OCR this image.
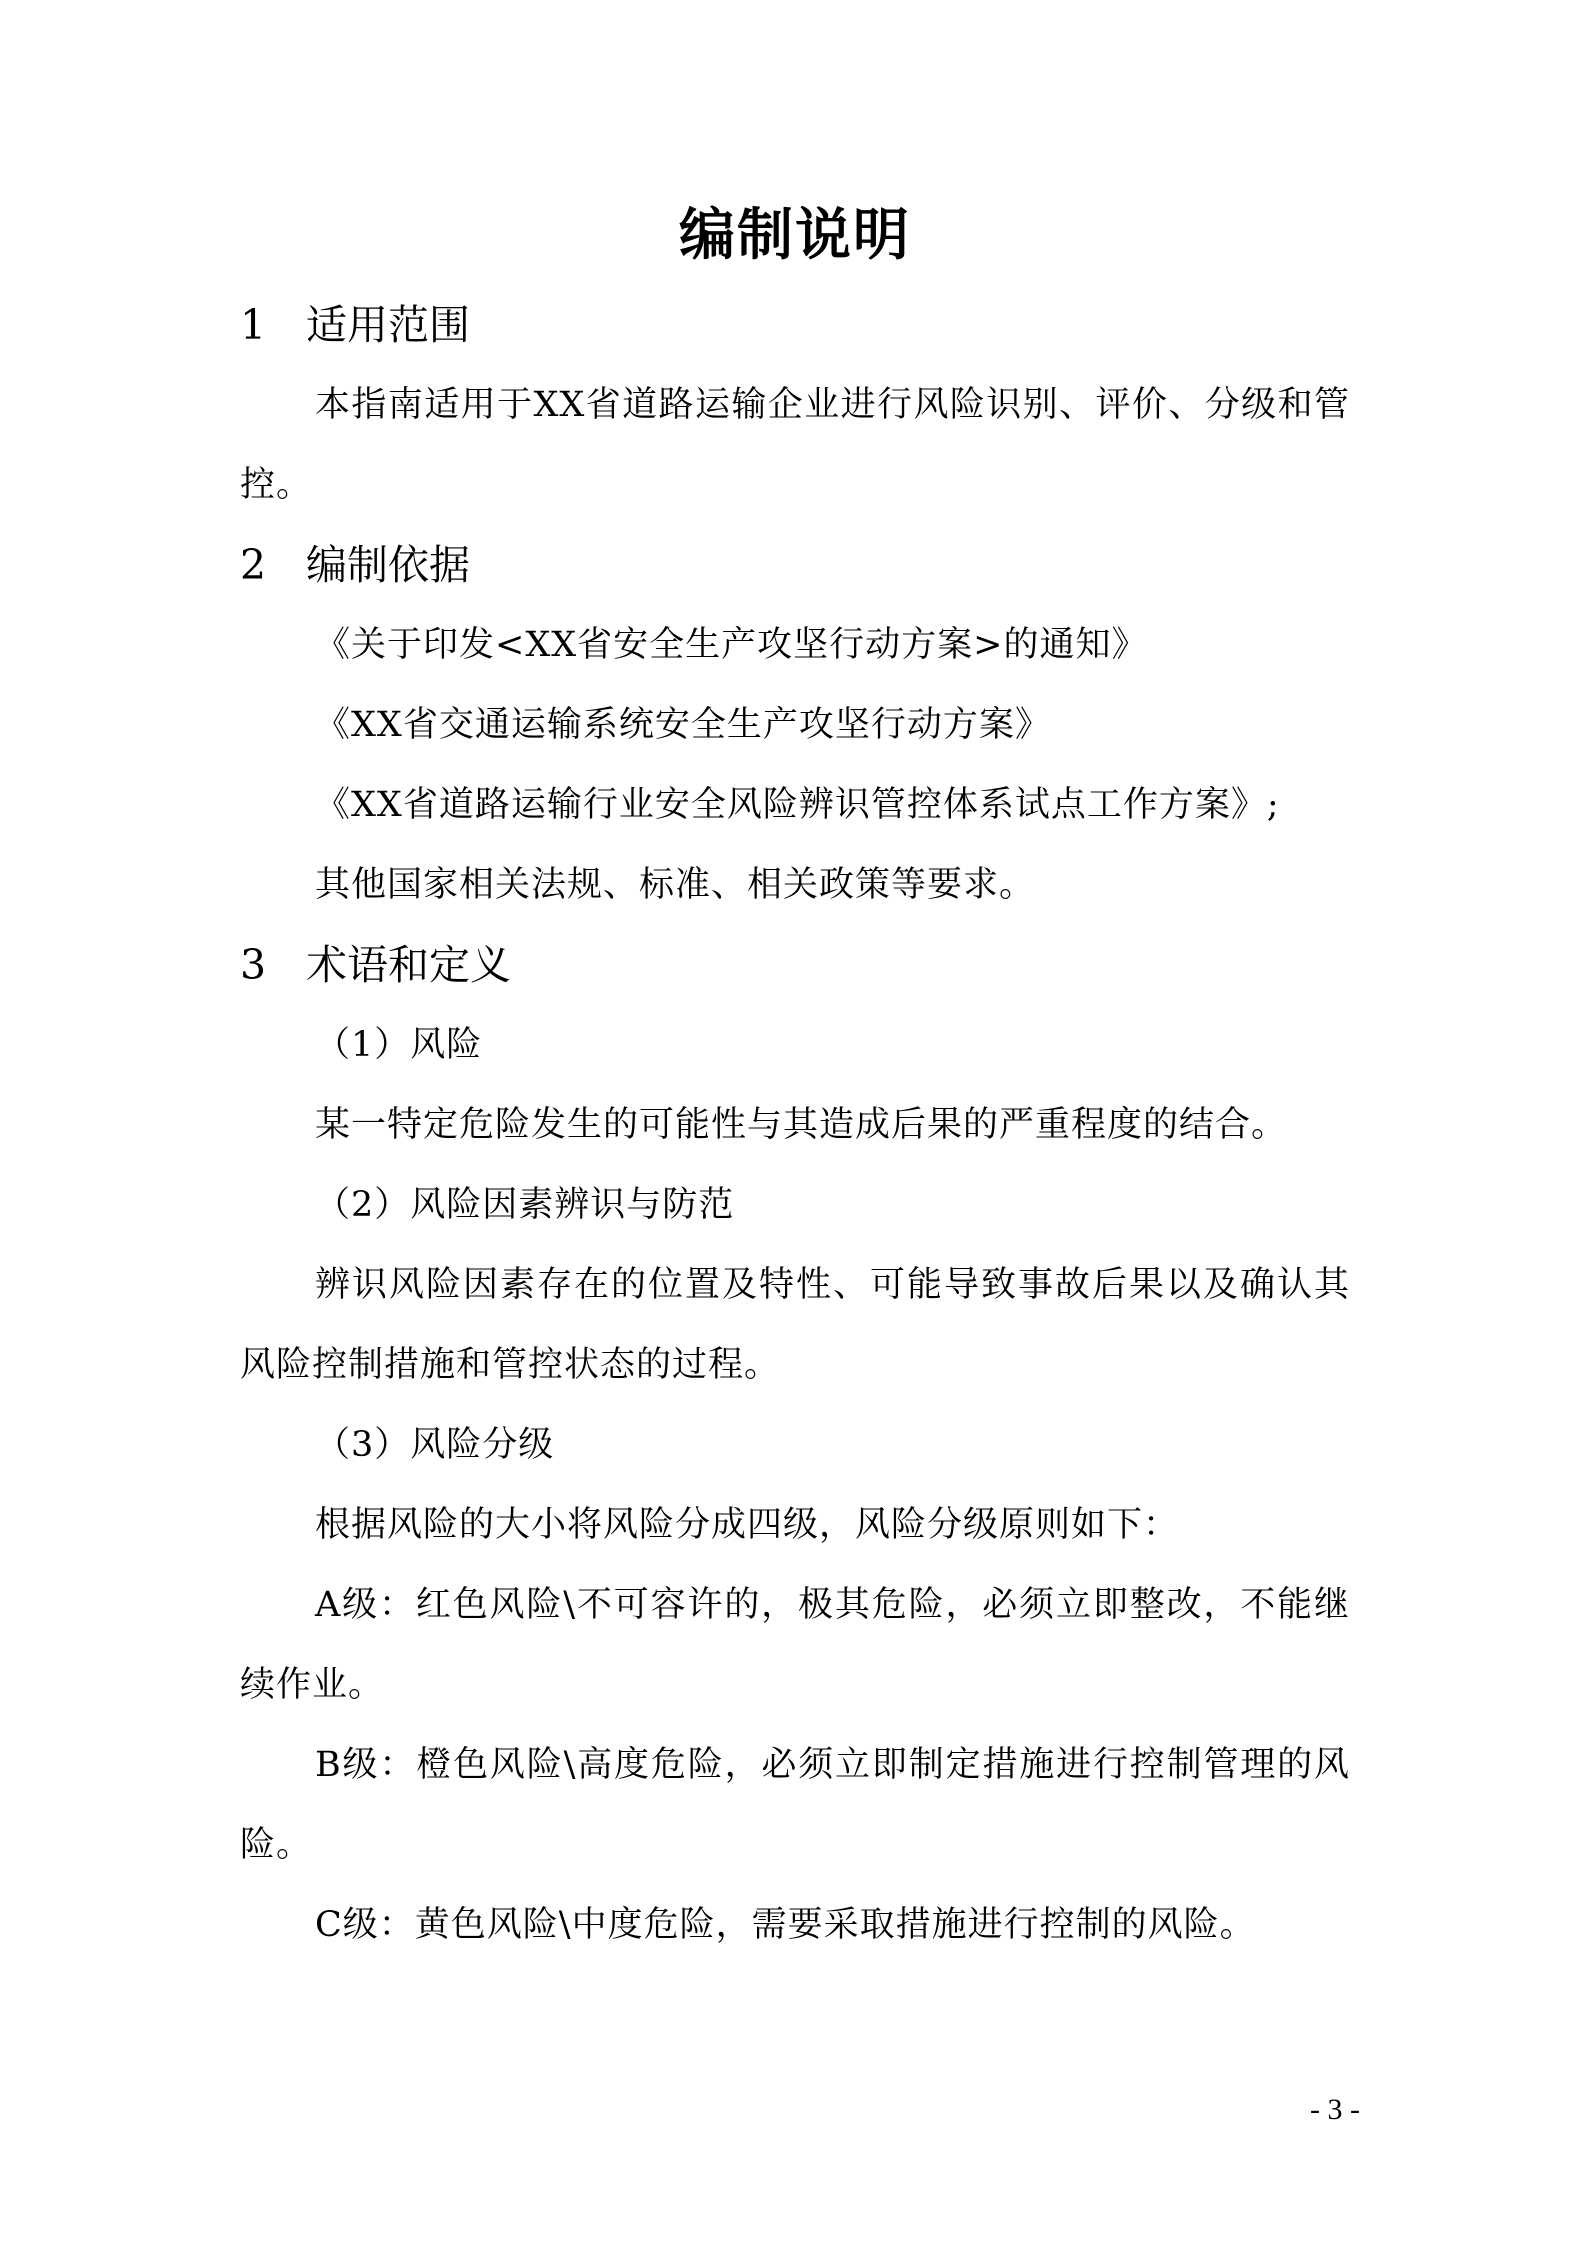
编制说明
1 适用范围

本指南适用于XX省道路运输企业进行风险识别、评价、分级和管控。

2 编制依据

《关于印发<XX省安全生产攻坚行动方案>的通知》

《XX省交通运输系统安全生产攻坚行动方案》

《XX省道路运输行业安全风险辨识管控体系试点工作方案》;

其他国家相关法规、标准、相关政策等要求。

3 术语和定义

（1）风险

某一特定危险发生的可能性与其造成后果的严重程度的结合。

（2）风险因素辨识与防范

辨识风险因素存在的位置及特性、可能导致事故后果以及确认其风险控制措施和管控状态的过程。

（3）风险分级

根据风险的大小将风险分成四级，风险分级原则如下：

A级：红色风险\不可容许的，极其危险，必须立即整改，不能继续作业。

B级：橙色风险\高度危险，必须立即制定措施进行控制管理的风险。

C级：黄色风险\中度危险，需要采取措施进行控制的风险。

- 3 -
